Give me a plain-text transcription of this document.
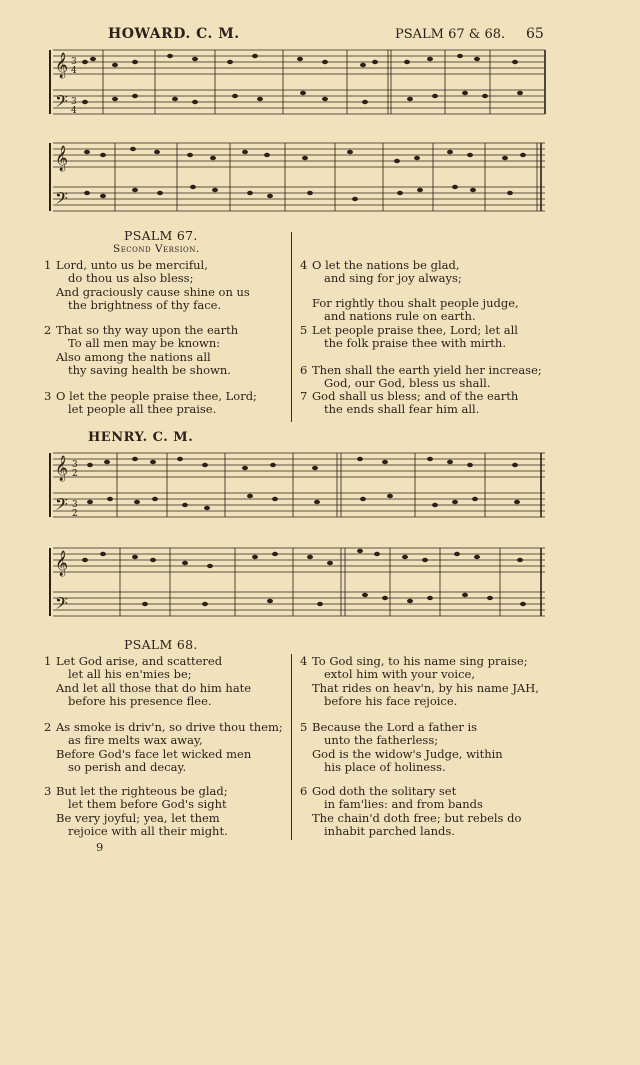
HOWARD. C. M.	PSALM 67 & 68. 65
𝄞
𝄢
3
4
3
4
𝄞
𝄢
PSALM 67.
Second Version.
1 Lord, unto us be merciful,
do thou us also bless;
And graciously cause shine on us
the brightness of thy face.
2 That so thy way upon the earth
To all men may be known:
Also among the nations all
thy saving health be shown.
3 O let the people praise thee, Lord;
let people all thee praise.
4 O let the nations be glad,
and sing for joy always;
For rightly thou shalt people judge,
and nations rule on earth.
5 Let people praise thee, Lord; let all
the folk praise thee with mirth.
6 Then shall the earth yield her increase;
God, our God, bless us shall.
7 God shall us bless; and of the earth
the ends shall fear him all.
HENRY. C. M.
𝄞
𝄢
3
2
3
2
𝄞
𝄢
PSALM 68.
1 Let God arise, and scattered
let all his en'mies be;
And let all those that do him hate
before his presence flee.
2 As smoke is driv'n, so drive thou them;
as fire melts wax away,
Before God's face let wicked men
so perish and decay.
3 But let the righteous be glad;
let them before God's sight
Be very joyful; yea, let them
rejoice with all their might.
4 To God sing, to his name sing praise;
extol him with your voice,
That rides on heav'n, by his name JAH,
before his face rejoice.
5 Because the Lord a father is
unto the fatherless;
God is the widow's Judge, within
his place of holiness.
6 God doth the solitary set
in fam'lies: and from bands
The chain'd doth free; but rebels do
inhabit parched lands.
9
